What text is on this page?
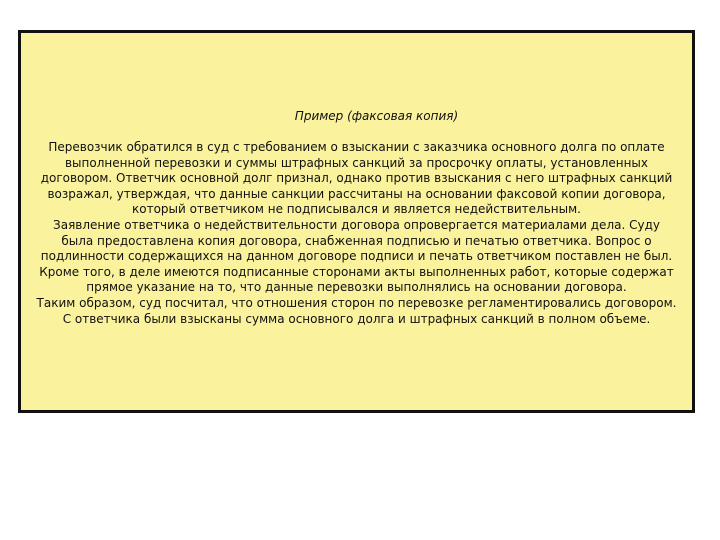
Пример (факсовая копия)
Перевозчик обратился в суд с требованием о взыскании с заказчика основного долга по оплате
выполненной перевозки и суммы штрафных санкций за просрочку оплаты, установленных
договором. Ответчик основной долг признал, однако против взыскания с него штрафных санкций
возражал, утверждая, что данные санкции рассчитаны на основании факсовой копии договора,
который ответчиком не подписывался и является недействительным.
Заявление ответчика о недействительности договора опровергается материалами дела. Суду
была предоставлена копия договора, снабженная подписью и печатью ответчика. Вопрос о
подлинности содержащихся на данном договоре подписи и печать ответчиком поставлен не был.
Кроме того, в деле имеются подписанные сторонами акты выполненных работ, которые содержат
прямое указание на то, что данные перевозки выполнялись на основании договора.
Таким образом, суд посчитал, что отношения сторон по перевозке регламентировались договором.
С ответчика были взысканы сумма основного долга и штрафных санкций в полном объеме.
